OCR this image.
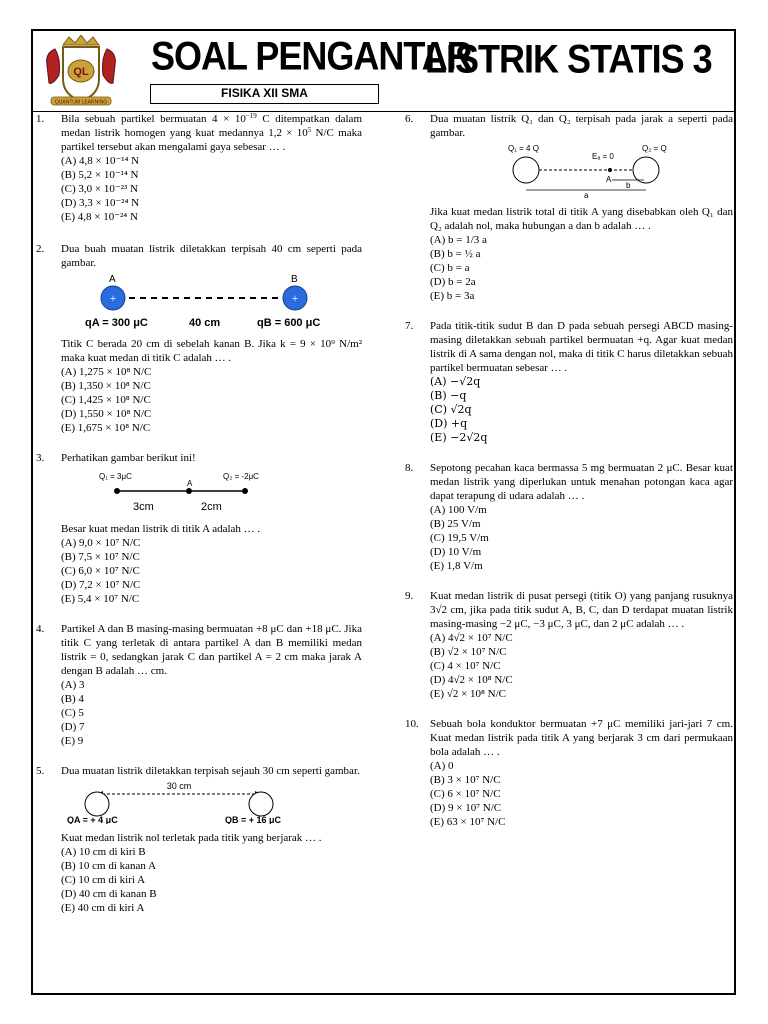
QL
QUANTUM LEARNING
SOAL PENGANTAR
LISTRIK STATIS 3
FISIKA XII SMA
1. Bila sebuah partikel bermuatan $4 \times 10^{-19}$ C ditempatkan dalam medan listrik homogen yang kuat medannya $1,2 \times 10^5$ N/C maka partikel tersebut akan mengalami gaya sebesar … .
(A) 4,8 × 10⁻¹⁴ N
(B) 5,2 × 10⁻¹⁴ N
(C) 3,0 × 10⁻²³ N
(D) 3,3 × 10⁻²⁴ N
(E) 4,8 × 10⁻²⁴ N
2. Dua buah muatan listrik diletakkan terpisah 40 cm seperti pada gambar.
A	B
+	+
qA = 300 μC	40 cm	qB = 600 μC
Titik C berada 20 cm di sebelah kanan B. Jika k = 9 × 10⁹ N/m² maka kuat medan di titik C adalah … .
(A) 1,275 × 10⁸ N/C
(B) 1,350 × 10⁸ N/C
(C) 1,425 × 10⁸ N/C
(D) 1,550 × 10⁸ N/C
(E) 1,675 × 10⁸ N/C
3. Perhatikan gambar berikut ini!
Q₁ = 3μC	Q₂ = -2μC
A
3cm	2cm
Besar kuat medan listrik di titik A adalah … .
(A) 9,0 × 10⁷ N/C
(B) 7,5 × 10⁷ N/C
(C) 6,0 × 10⁷ N/C
(D) 7,2 × 10⁷ N/C
(E) 5,4 × 10⁷ N/C
4. Partikel A dan B masing-masing bermuatan +8 μC dan +18 μC. Jika titik C yang terletak di antara partikel A dan B memiliki medan listrik = 0, sedangkan jarak C dan partikel A = 2 cm maka jarak A dengan B adalah … cm.
(A) 3
(B) 4
(C) 5
(D) 7
(E) 9
5. Dua muatan listrik diletakkan terpisah sejauh 30 cm seperti gambar.
30 cm
QA = + 4 μC	QB = + 16 μC
Kuat medan listrik nol terletak pada titik yang berjarak … .
(A) 10 cm di kiri B
(B) 10 cm di kanan A
(C) 10 cm di kiri A
(D) 40 cm di kanan B
(E) 40 cm di kiri A
6. Dua muatan listrik Q₁ dan Q₂ terpisah pada jarak a seperti pada gambar.
Q₁ = 4 Q
Eₐ = 0
Q₂ = Q
A
b
a
Jika kuat medan listrik total di titik A yang disebabkan oleh Q₁ dan Q₂ adalah nol, maka hubungan a dan b adalah … .
(A) b = 1/3 a
(B) b = ½ a
(C) b = a
(D) b = 2a
(E) b = 3a
7. Pada titik-titik sudut B dan D pada sebuah persegi ABCD masing-masing diletakkan sebuah partikel bermuatan +q. Agar kuat medan listrik di A sama dengan nol, maka di titik C harus diletakkan sebuah partikel bermuatan sebesar … .
(A) −√2q
(B) −q
(C) √2q
(D) +q
(E) −2√2q
8. Sepotong pecahan kaca bermassa 5 mg bermuatan 2 μC. Besar kuat medan listrik yang diperlukan untuk menahan potongan kaca agar dapat terapung di udara adalah … .
(A) 100 V/m
(B) 25 V/m
(C) 19,5 V/m
(D) 10 V/m
(E) 1,8 V/m
9. Kuat medan listrik di pusat persegi (titik O) yang panjang rusuknya 3√2 cm, jika pada titik sudut A, B, C, dan D terdapat muatan listrik masing-masing −2 μC, −3 μC, 3 μC, dan 2 μC adalah … .
(A) 4√2 × 10⁷ N/C
(B) √2 × 10⁷ N/C
(C) 4 × 10⁷ N/C
(D) 4√2 × 10⁸ N/C
(E) √2 × 10⁸ N/C
10. Sebuah bola konduktor bermuatan +7 μC memiliki jari-jari 7 cm. Kuat medan listrik pada titik A yang berjarak 3 cm dari permukaan bola adalah … .
(A) 0
(B) 3 × 10⁷ N/C
(C) 6 × 10⁷ N/C
(D) 9 × 10⁷ N/C
(E) 63 × 10⁷ N/C
